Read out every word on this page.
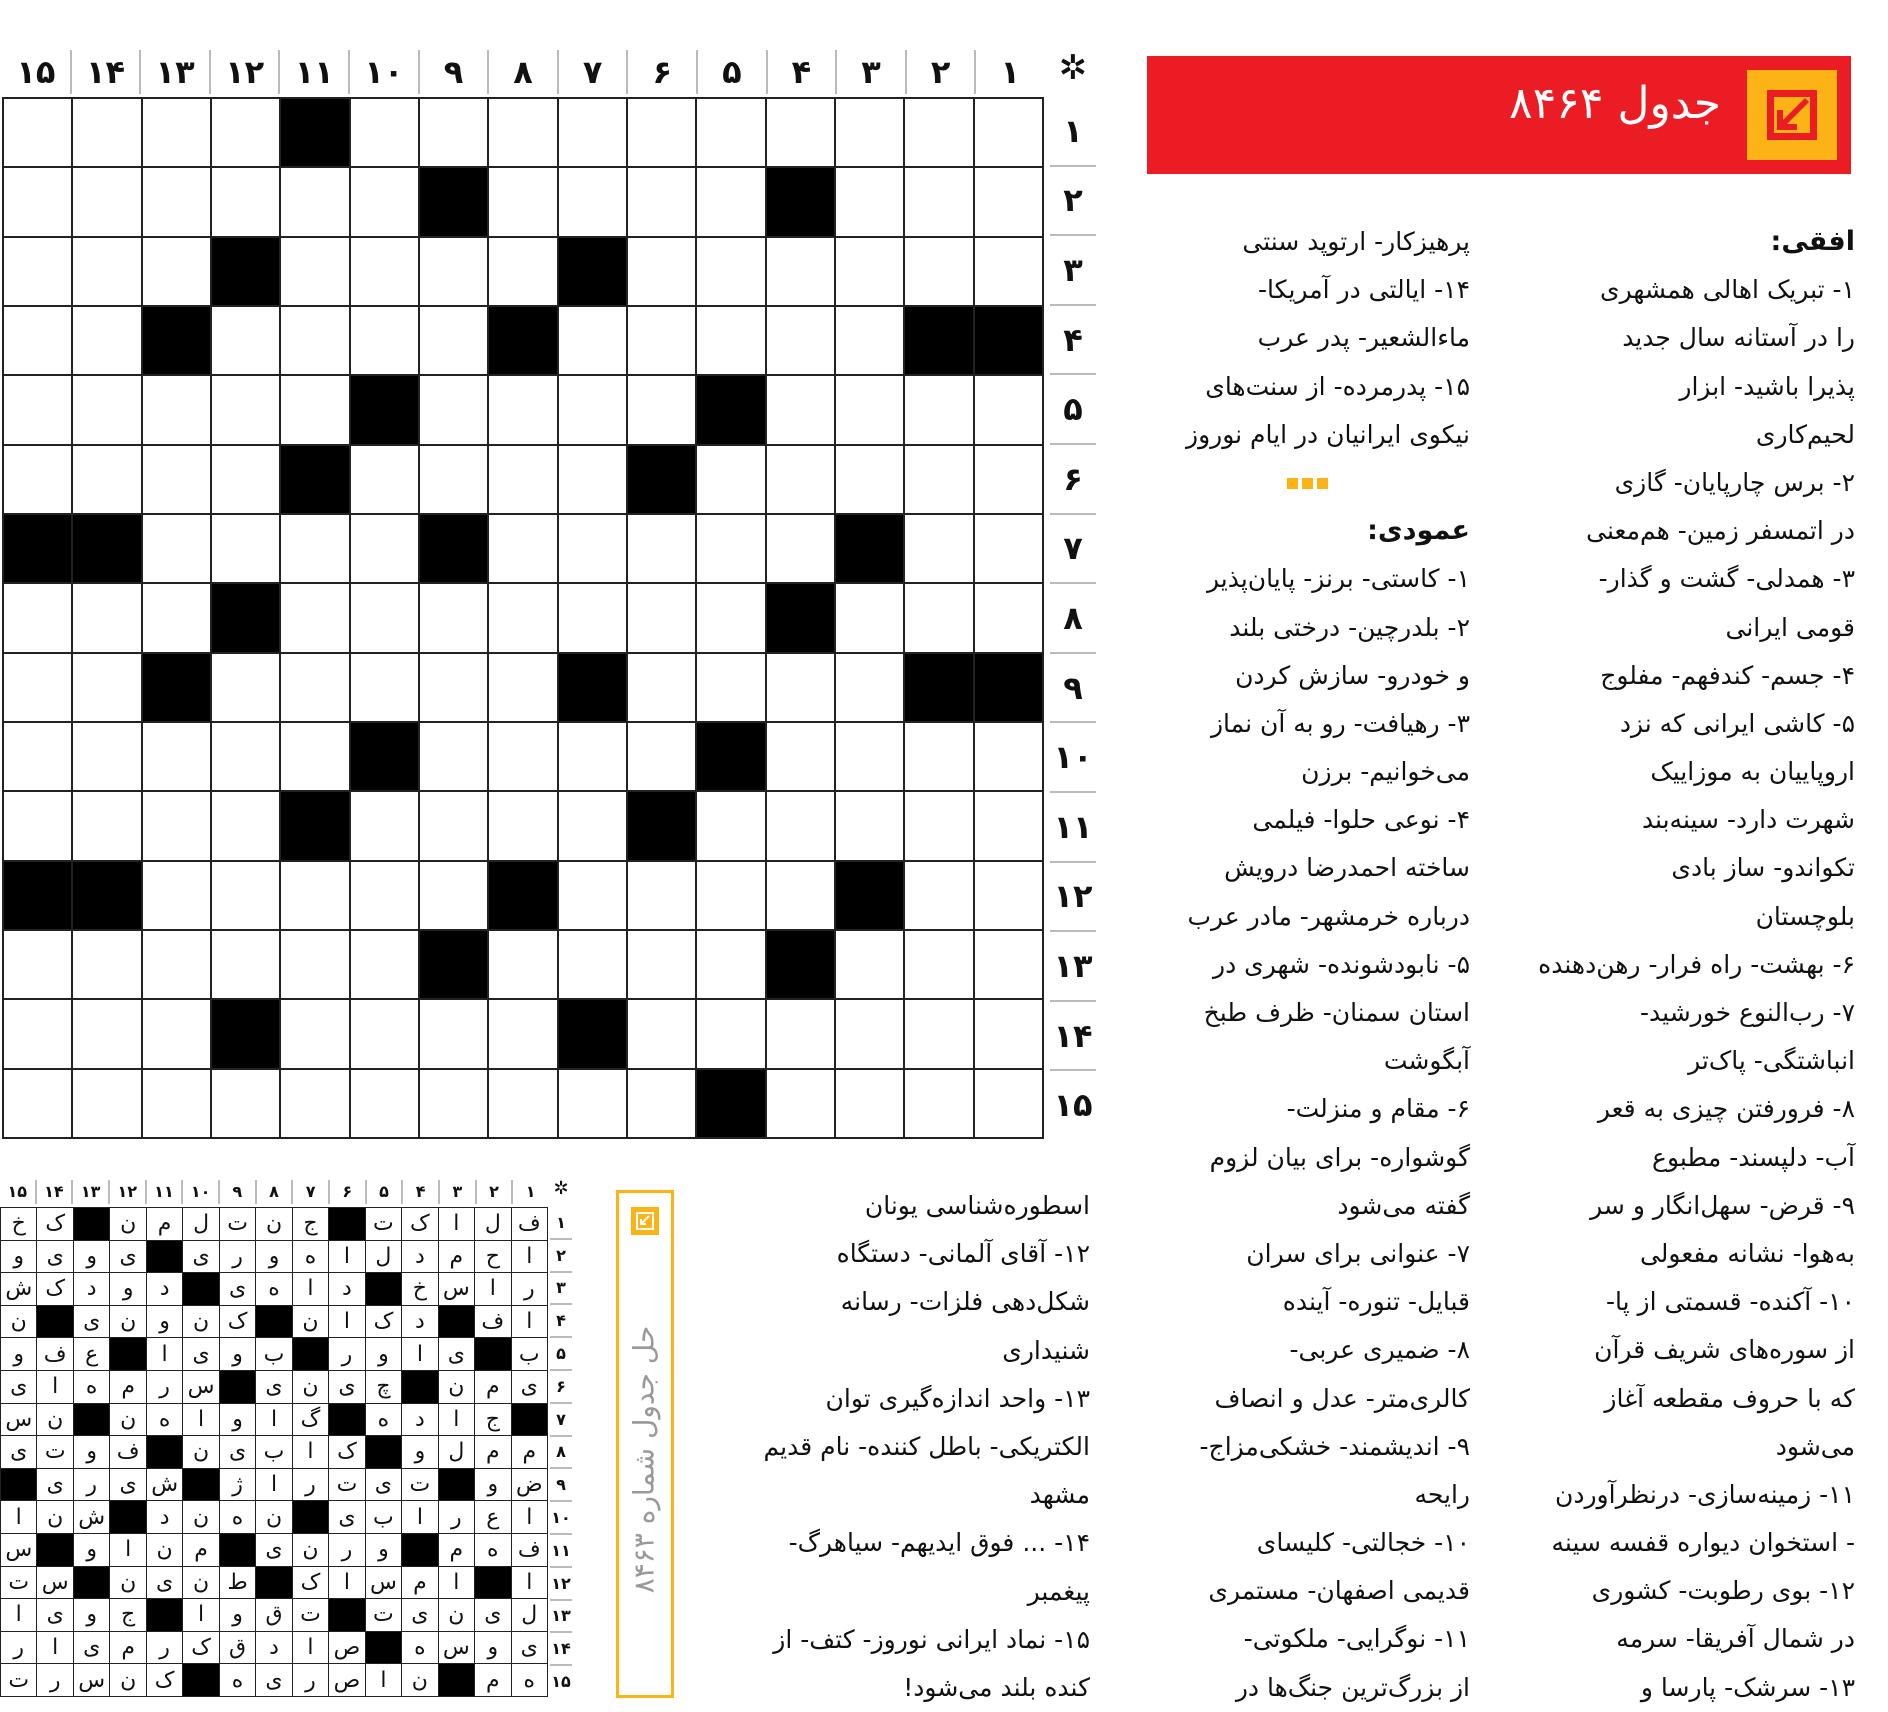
۱
۲
۳
۴
۵
۶
۷
۸
۹
۱۰
۱۱
۱۲
۱۳
۱۴
۱۵	✲
۱
۲
۳
۴
۵
۶
۷
۸
۹
۱۰
۱۱
۱۲
۱۳
۱۴
۱۵
جدول ۸۴۶۴
افقی:
۱- تبریک اهالی همشهری
را در آستانه سال جدید
پذیرا باشید- ابزار
لحیم‌کاری
۲- برس چارپایان- گازی
در اتمسفر زمین- هم‌معنی
۳- همدلی- گشت و گذار-
قومی ایرانی
۴- جسم- کندفهم- مفلوج
۵- کاشی ایرانی که نزد
اروپاییان به موزاییک
شهرت دارد- سینه‌بند
تکواندو- ساز بادی
بلوچستان
۶- بهشت- راه فرار- رهن‌دهنده
۷- رب‌النوع خورشید-
انباشتگی- پاک‌تر
۸- فرورفتن چیزی به قعر
آب- دلپسند- مطبوع
۹- قرض- سهل‌انگار و سر
به‌هوا- نشانه مفعولی
۱۰- آکنده- قسمتی از پا-
از سوره‌های شریف قرآن
که با حروف مقطعه آغاز
می‌شود
۱۱- زمینه‌سازی- درنظرآوردن
- استخوان دیواره قفسه سینه
۱۲- بوی رطوبت- کشوری
در شمال آفریقا- سرمه
۱۳- سرشک- پارسا و
پرهیزکار- ارتوپد سنتی
۱۴- ایالتی در آمریکا-
ماءالشعیر- پدر عرب
۱۵- پدرمرده- از سنت‌های
نیکوی ایرانیان در ایام نوروز
عمودی:
۱- کاستی- برنز- پایان‌پذیر
۲- بلدرچین- درختی بلند
و خودرو- سازش کردن
۳- رهیافت- رو به آن نماز
می‌خوانیم- برزن
۴- نوعی حلوا- فیلمی
ساخته احمدرضا درویش
درباره خرمشهر- مادر عرب
۵- نابودشونده- شهری در
استان سمنان- ظرف طبخ
آبگوشت
۶- مقام و منزلت-
گوشواره- برای بیان لزوم
گفته می‌شود
۷- عنوانی برای سران
قبایل- تنوره- آینده
۸- ضمیری عربی-
کالری‌متر- عدل و انصاف
۹- اندیشمند- خشکی‌مزاج-
رایحه
۱۰- خجالتی- کلیسای
قدیمی اصفهان- مستمری
۱۱- نوگرایی- ملکوتی-
از بزرگ‌ترین جنگ‌ها در
اسطوره‌شناسی یونان
۱۲- آقای آلمانی- دستگاه
شکل‌دهی فلزات- رسانه
شنیداری
۱۳- واحد اندازه‌گیری توان
الکتریکی- باطل کننده- نام قدیم
مشهد
۱۴- ... فوق ایدیهم- سیاهرگ-
پیغمبر
۱۵- نماد ایرانی نوروز- کتف- از
کنده بلند می‌شود!
۱
۲
۳
۴
۵
۶
۷
۸
۹
۱۰
۱۱
۱۲
۱۳
۱۴
۱۵	✲
ف
ل
ا
ک
ت
ج
ن
ت
ل
م
ن
ک
خ
ا
ح
م
د
ل
ا
ه
و
ر
ی
ی
و
ی
و
ر
ا
س
خ
د
ا
ه
ی
د
و
د
ک
ش
ا
ف
د
ک
ا
ن
ک
ن
و
ن
ی
ن
ب
ی
ا
و
ر
ب
و
ی
ا
ع
ف
و
ی
م
ن
چ
ی
ن
ی
س
ر
م
ه
ا
ی
ج
ا
د
ه
گ
ا
و
ا
ه
ن
ن
س
م
م
ل
و
ک
ا
ب
ی
ن
ف
و
ت
ی
ض
و
ت
ی
ت
ر
ا
ژ
ش
ی
ر
ی
ا
ع
ر
ا
ب
ی
ن
ه
ن
د
ش
ن
ا
ف
ه
م
و
ر
ن
ی
م
ن
ا
و
س
ا
ا
م
س
ا
ک
ط
ن
ی
ن
س
ت
ل
ی
ن
ی
ت
ت
ق
و
ا
ج
و
ی
ا
ی
و
س
ه
ص
ا
د
ق
ک
ر
م
ی
ا
ر
ه
م
ن
ا
ص
ر
ی
ه
ک
ن
س
ر
ت
۱
۲
۳
۴
۵
۶
۷
۸
۹
۱۰
۱۱
۱۲
۱۳
۱۴
۱۵
حل جدول شماره ۸۴۶۳
